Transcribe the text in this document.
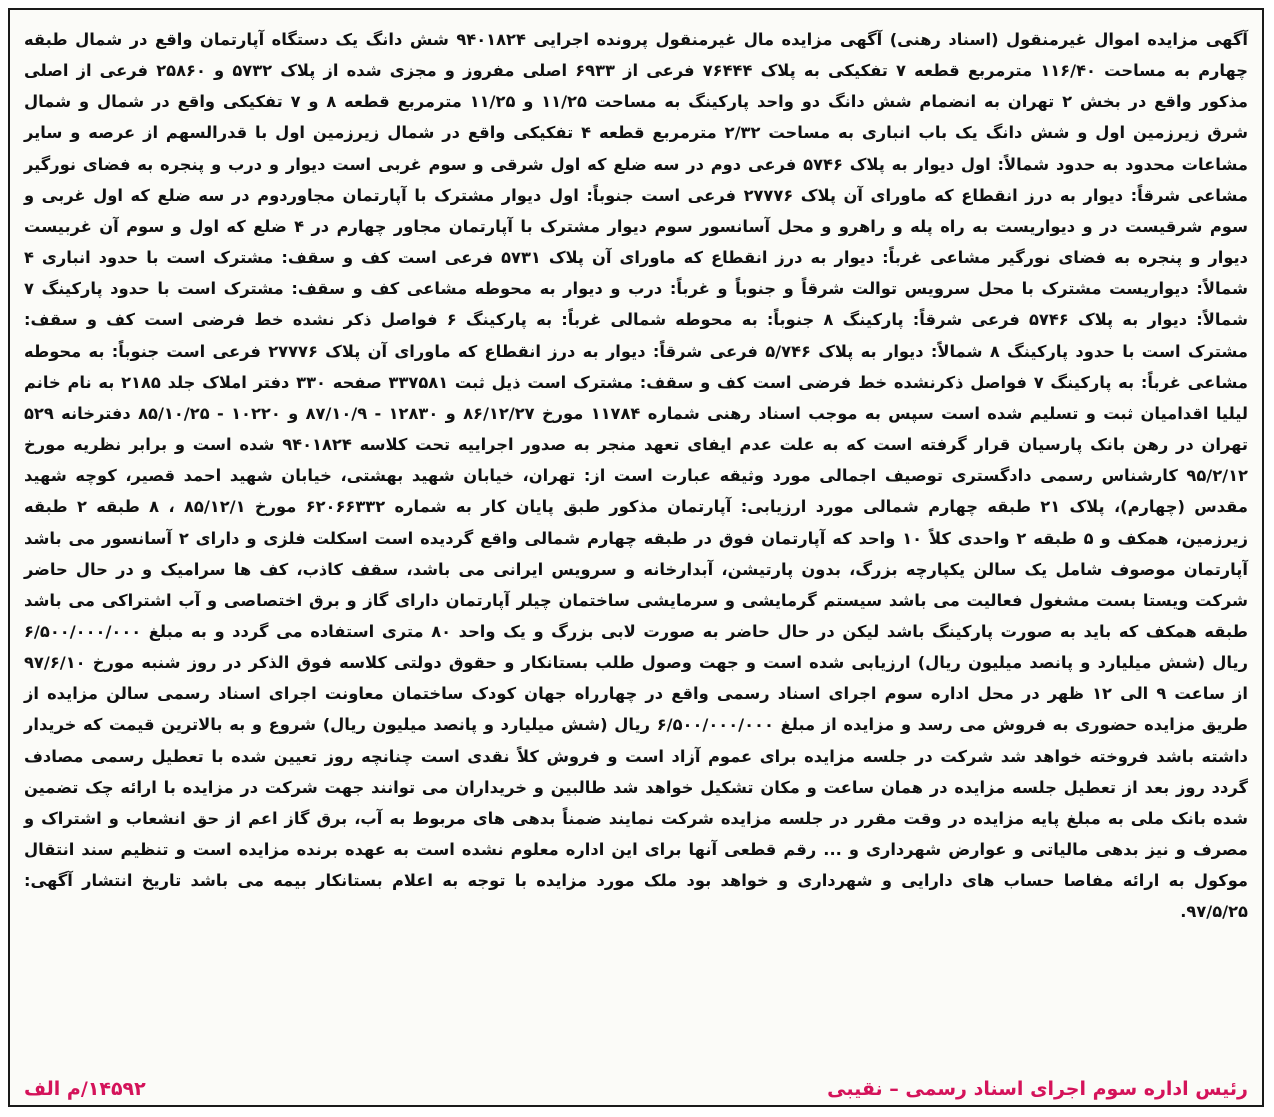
آگهی مزایده اموال غیرمنقول (اسناد رهنی) آگهی مزایده مال غیرمنقول پرونده اجرایی ۹۴۰۱۸۲۴ شش دانگ یک دستگاه آپارتمان واقع در شمال طبقه چهارم به مساحت ۱۱۶/۴۰ مترمربع قطعه ۷ تفکیکی به پلاک ۷۶۴۴۴ فرعی از ۶۹۳۳ اصلی مفروز و مجزی شده از پلاک ۵۷۳۲ و ۲۵۸۶۰ فرعی از اصلی مذکور واقع در بخش ۲ تهران به انضمام شش دانگ دو واحد پارکینگ به مساحت ۱۱/۲۵ و ۱۱/۲۵ مترمربع قطعه ۸ و ۷ تفکیکی واقع در شمال و شمال شرق زیرزمین اول و شش دانگ یک باب انباری به مساحت ۲/۳۲ مترمربع قطعه ۴ تفکیکی واقع در شمال زیرزمین اول با قدرالسهم از عرصه و سایر مشاعات محدود به حدود شمالاً: اول دیوار به پلاک ۵۷۴۶ فرعی دوم در سه ضلع که اول شرقی و سوم غربی است دیوار و درب و پنجره به فضای نورگیر مشاعی شرقاً: دیوار به درز انقطاع که ماورای آن پلاک ۲۷۷۷۶ فرعی است جنوباً: اول دیوار مشترک با آپارتمان مجاوردوم در سه ضلع که اول غربی و سوم شرقیست در و دیواریست به راه پله و راهرو و محل آسانسور سوم دیوار مشترک با آپارتمان مجاور چهارم در ۴ ضلع که اول و سوم آن غربیست دیوار و پنجره به فضای نورگیر مشاعی غرباً: دیوار به درز انقطاع که ماورای آن پلاک ۵۷۳۱ فرعی است کف و سقف: مشترک است با حدود انباری ۴ شمالاً: دیواریست مشترک با محل سرویس توالت شرقاً و جنوباً و غرباً: درب و دیوار به محوطه مشاعی کف و سقف: مشترک است با حدود پارکینگ ۷ شمالاً: دیوار به پلاک ۵۷۴۶ فرعی شرقاً: پارکینگ ۸ جنوباً: به محوطه شمالی غرباً: به پارکینگ ۶ فواصل ذکر نشده خط فرضی است کف و سقف: مشترک است با حدود پارکینگ ۸ شمالاً: دیوار به پلاک ۵/۷۴۶ فرعی شرقاً: دیوار به درز انقطاع که ماورای آن پلاک ۲۷۷۷۶ فرعی است جنوباً: به محوطه مشاعی غرباً: به پارکینگ ۷ فواصل ذکرنشده خط فرضی است کف و سقف: مشترک است ذیل ثبت ۳۳۷۵۸۱ صفحه ۳۳۰ دفتر املاک جلد ۲۱۸۵ به نام خانم لیلیا اقدامیان ثبت و تسلیم شده است سپس به موجب اسناد رهنی شماره ۱۱۷۸۴ مورخ ۸۶/۱۲/۲۷ و ۱۲۸۳۰ - ۸۷/۱۰/۹ و ۱۰۲۲۰ - ۸۵/۱۰/۲۵ دفترخانه ۵۲۹ تهران در رهن بانک پارسیان قرار گرفته است که به علت عدم ایفای تعهد منجر به صدور اجراییه تحت کلاسه ۹۴۰۱۸۲۴ شده است و برابر نظریه مورخ ۹۵/۲/۱۲ کارشناس رسمی دادگستری توصیف اجمالی مورد وثیقه عبارت است از: تهران، خیابان شهید بهشتی، خیابان شهید احمد قصیر، کوچه شهید مقدس (چهارم)، پلاک ۲۱ طبقه چهارم شمالی مورد ارزیابی: آپارتمان مذکور طبق پایان کار به شماره ۶۲۰۶۶۳۳۲ مورخ ۸۵/۱۲/۱ ، ۸ طبقه ۲ طبقه زیرزمین، همکف و ۵ طبقه ۲ واحدی کلاً ۱۰ واحد که آپارتمان فوق در طبقه چهارم شمالی واقع گردیده است اسکلت فلزی و دارای ۲ آسانسور می باشد آپارتمان موصوف شامل یک سالن یکپارچه بزرگ، بدون پارتیشن، آبدارخانه و سرویس ایرانی می باشد، سقف کاذب، کف ها سرامیک و در حال حاضر شرکت ویستا بست مشغول فعالیت می باشد سیستم گرمایشی و سرمایشی ساختمان چیلر آپارتمان دارای گاز و برق اختصاصی و آب اشتراکی می باشد طبقه همکف که باید به صورت پارکینگ باشد لیکن در حال حاضر به صورت لابی بزرگ و یک واحد ۸۰ متری استفاده می گردد و به مبلغ ۶/۵۰۰/۰۰۰/۰۰۰ ریال (شش میلیارد و پانصد میلیون ریال) ارزیابی شده است و جهت وصول طلب بستانکار و حقوق دولتی کلاسه فوق الذکر در روز شنبه مورخ ۹۷/۶/۱۰ از ساعت ۹ الی ۱۲ ظهر در محل اداره سوم اجرای اسناد رسمی واقع در چهارراه جهان کودک ساختمان معاونت اجرای اسناد رسمی سالن مزایده از طریق مزایده حضوری به فروش می رسد و مزایده از مبلغ ۶/۵۰۰/۰۰۰/۰۰۰ ریال (شش میلیارد و پانصد میلیون ریال) شروع و به بالاترین قیمت که خریدار داشته باشد فروخته خواهد شد شرکت در جلسه مزایده برای عموم آزاد است و فروش کلاً نقدی است چنانچه روز تعیین شده با تعطیل رسمی مصادف گردد روز بعد از تعطیل جلسه مزایده در همان ساعت و مکان تشکیل خواهد شد طالبین و خریداران می توانند جهت شرکت در مزایده با ارائه چک تضمین شده بانک ملی به مبلغ پایه مزایده در وقت مقرر در جلسه مزایده شرکت نمایند ضمناً بدهی های مربوط به آب، برق گاز اعم از حق انشعاب و اشتراک و مصرف و نیز بدهی مالیاتی و عوارض شهرداری و ... رقم قطعی آنها برای این اداره معلوم نشده است به عهده برنده مزایده است و تنظیم سند انتقال موکول به ارائه مفاصا حساب های دارایی و شهرداری و خواهد بود ملک مورد مزایده با توجه به اعلام بستانکار بیمه می باشد تاریخ انتشار آگهی: ۹۷/۵/۲۵.
رئیس اداره سوم اجرای اسناد رسمی – نقیبی
۱۴۵۹۲/م الف
